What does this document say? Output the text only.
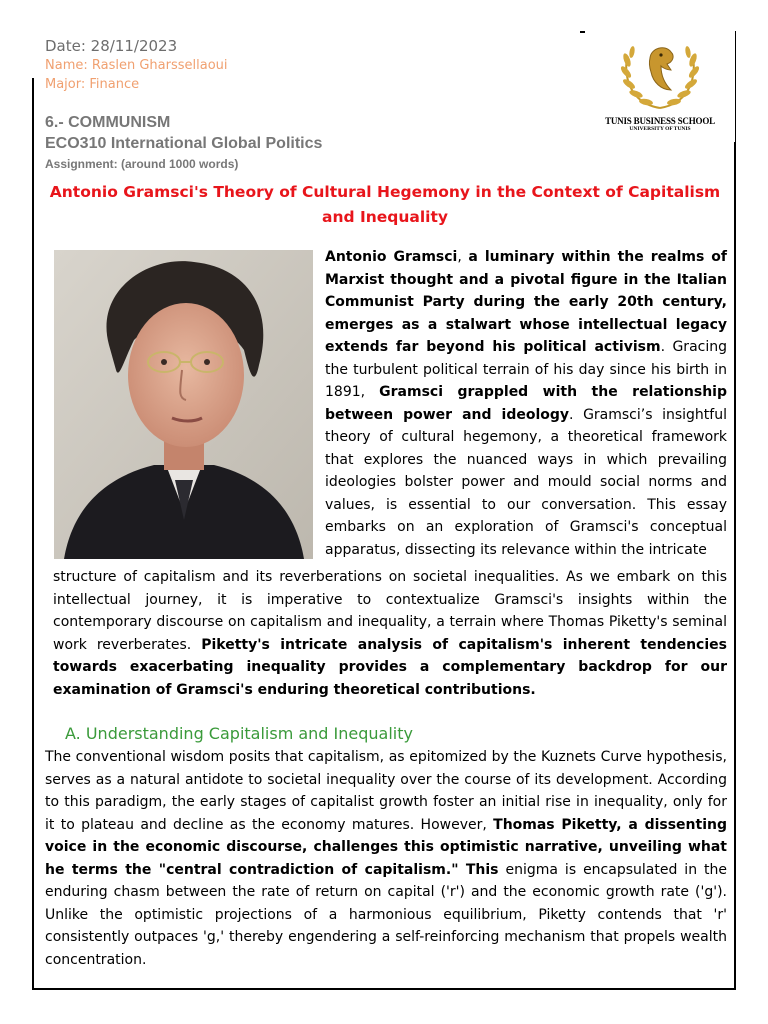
Date: 28/11/2023
Name: Raslen Gharssellaoui
Major: Finance
6.- COMMUNISM
ECO310 International Global Politics
Assignment: (around 1000 words)
TUNIS BUSINESS SCHOOL
UNIVERSITY OF TUNIS
Antonio Gramsci's Theory of Cultural Hegemony in the Context of Capitalism and Inequality
Antonio Gramsci, a luminary within the realms of Marxist thought and a pivotal figure in the Italian Communist Party during the early 20th century, emerges as a stalwart whose intellectual legacy extends far beyond his political activism. Gracing the turbulent political terrain of his day since his birth in 1891, Gramsci grappled with the relationship between power and ideology. Gramsci’s insightful theory of cultural hegemony, a theoretical framework that explores the nuanced ways in which prevailing ideologies bolster power and mould social norms and values, is essential to our conversation. This essay embarks on an exploration of Gramsci's conceptual apparatus, dissecting its relevance within the intricate
structure of capitalism and its reverberations on societal inequalities. As we embark on this intellectual journey, it is imperative to contextualize Gramsci's insights within the contemporary discourse on capitalism and inequality, a terrain where Thomas Piketty's seminal work reverberates. Piketty's intricate analysis of capitalism's inherent tendencies towards exacerbating inequality provides a complementary backdrop for our examination of Gramsci's enduring theoretical contributions.
A. Understanding Capitalism and Inequality
The conventional wisdom posits that capitalism, as epitomized by the Kuznets Curve hypothesis, serves as a natural antidote to societal inequality over the course of its development. According to this paradigm, the early stages of capitalist growth foster an initial rise in inequality, only for it to plateau and decline as the economy matures. However, Thomas Piketty, a dissenting voice in the economic discourse, challenges this optimistic narrative, unveiling what he terms the "central contradiction of capitalism." This enigma is encapsulated in the enduring chasm between the rate of return on capital ('r') and the economic growth rate ('g'). Unlike the optimistic projections of a harmonious equilibrium, Piketty contends that 'r' consistently outpaces 'g,' thereby engendering a self-reinforcing mechanism that propels wealth concentration.
